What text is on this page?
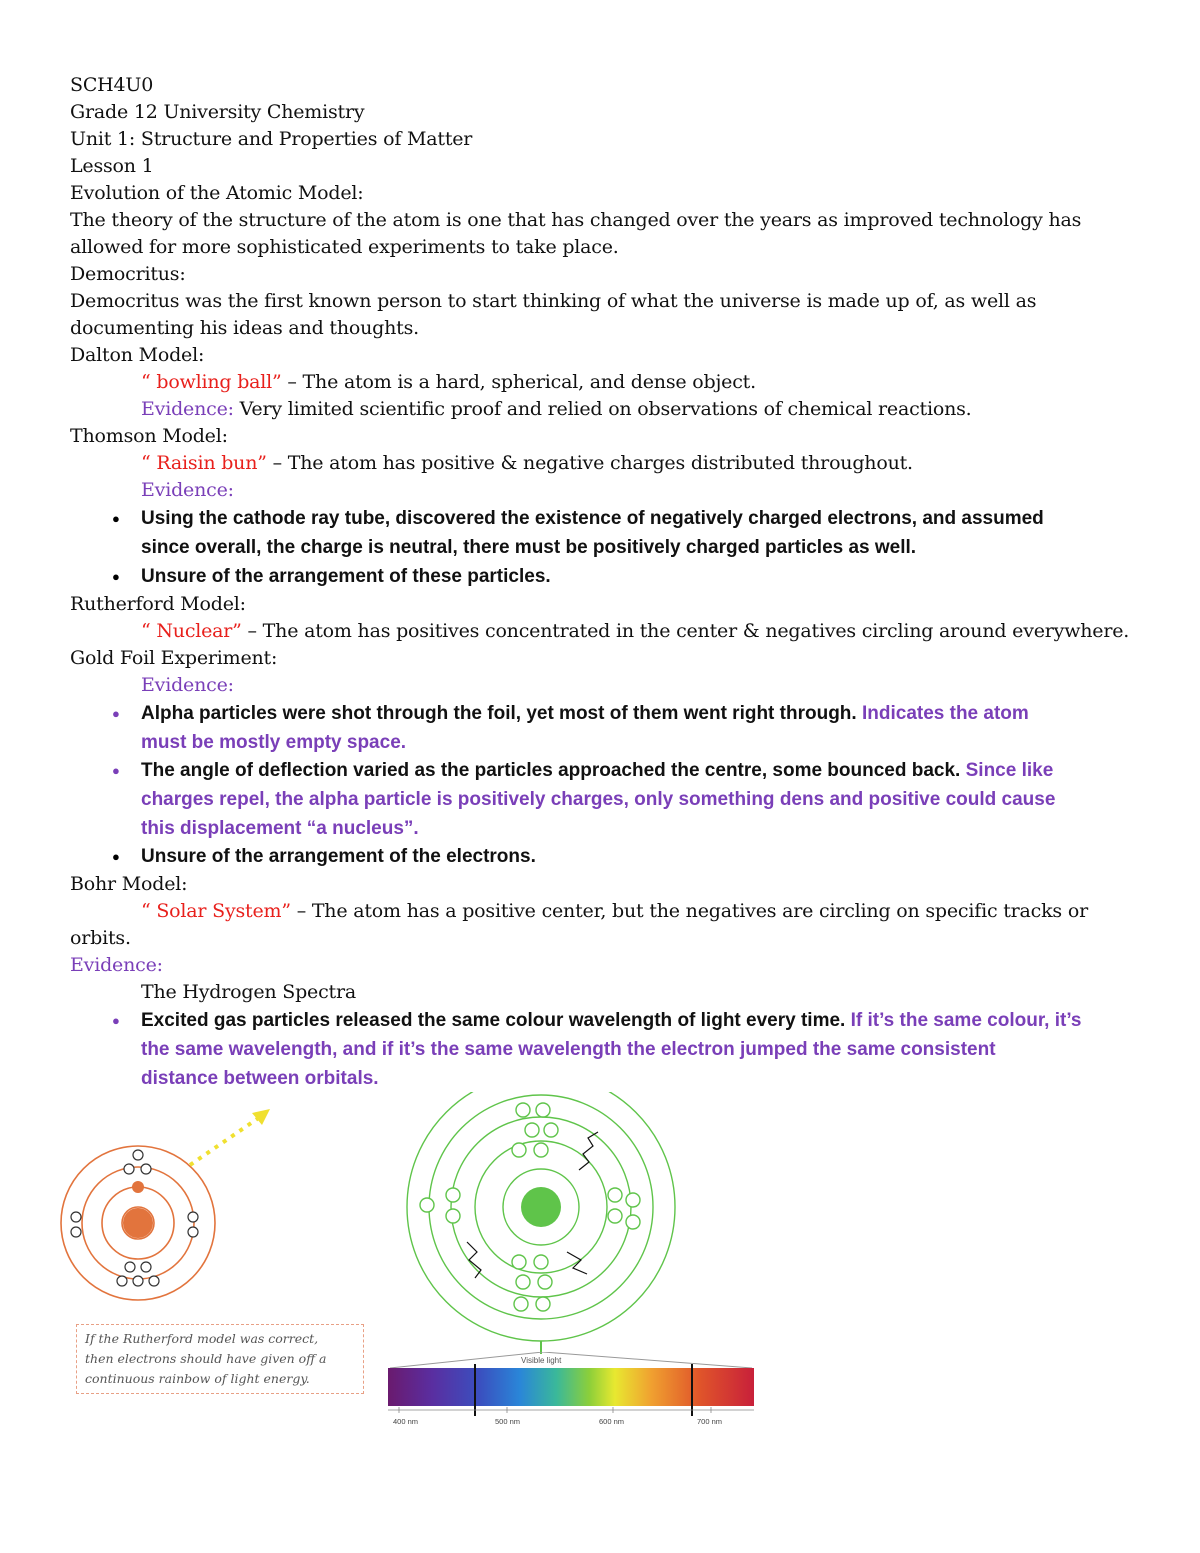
SCH4U0
Grade 12 University Chemistry
Unit 1: Structure and Properties of Matter
Lesson 1
Evolution of the Atomic Model:
The theory of the structure of the atom is one that has changed over the years as improved technology has
allowed for more sophisticated experiments to take place.
Democritus:
Democritus was the first known person to start thinking of what the universe is made up of, as well as
documenting his ideas and thoughts.
Dalton Model:
“ bowling ball” – The atom is a hard, spherical, and dense object.
Evidence: Very limited scientific proof and relied on observations of chemical reactions.
Thomson Model:
“ Raisin bun” – The atom has positive & negative charges distributed throughout.
Evidence:
● Using the cathode ray tube, discovered the existence of negatively charged electrons, and assumed
since overall, the charge is neutral, there must be positively charged particles as well.
● Unsure of the arrangement of these particles.
Rutherford Model:
“ Nuclear” – The atom has positives concentrated in the center & negatives circling around everywhere.
Gold Foil Experiment:
Evidence:
● Alpha particles were shot through the foil, yet most of them went right through. Indicates the atom
must be mostly empty space.
● The angle of deflection varied as the particles approached the centre, some bounced back. Since like
charges repel, the alpha particle is positively charges, only something dens and positive could cause
this displacement “a nucleus”.
● Unsure of the arrangement of the electrons.
Bohr Model:
“ Solar System” – The atom has a positive center, but the negatives are circling on specific tracks or
orbits.
Evidence:
The Hydrogen Spectra
● Excited gas particles released the same colour wavelength of light every time. If it’s the same colour, it’s
the same wavelength, and if it’s the same wavelength the electron jumped the same consistent
distance between orbitals.
If the Rutherford model was correct,
then electrons should have given off a
continuous rainbow of light energy.
Visible light
400 nm	500 nm	600 nm	700 nm
